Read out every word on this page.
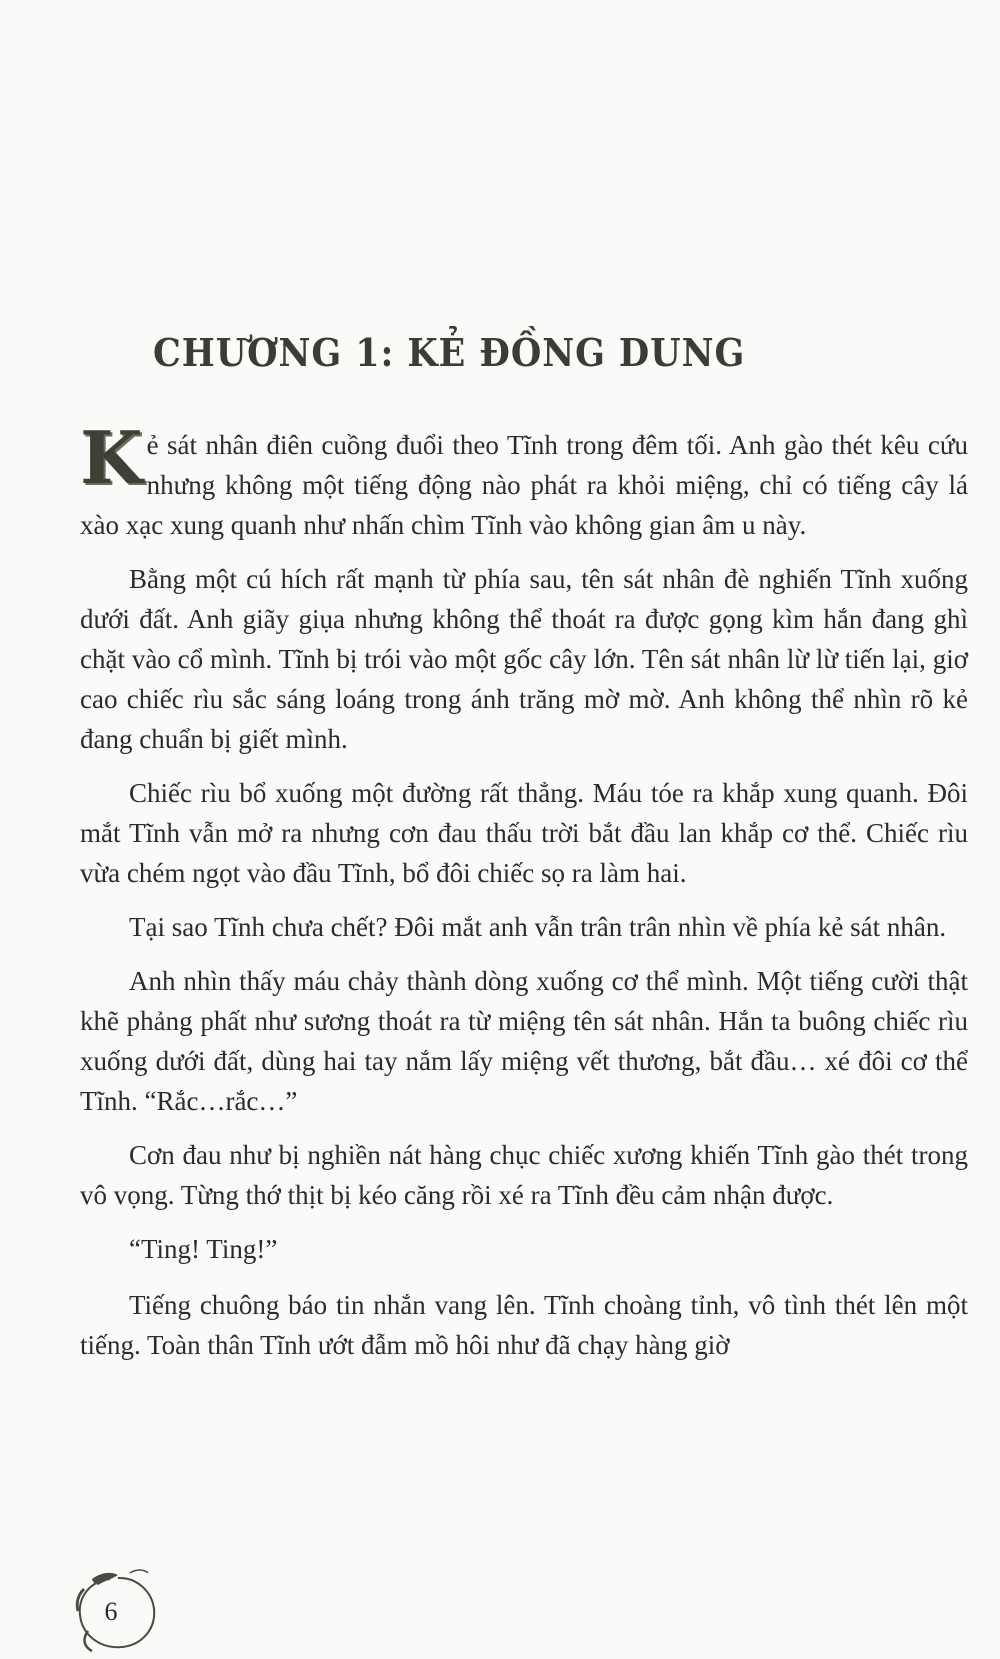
CHƯƠNG 1: KẺ ĐỒNG DUNG

Kẻ sát nhân điên cuồng đuổi theo Tĩnh trong đêm tối. Anh gào thét kêu cứu nhưng không một tiếng động nào phát ra khỏi miệng, chỉ có tiếng cây lá xào xạc xung quanh như nhấn chìm Tĩnh vào không gian âm u này.

Bằng một cú hích rất mạnh từ phía sau, tên sát nhân đè nghiến Tĩnh xuống dưới đất. Anh giãy giụa nhưng không thể thoát ra được gọng kìm hắn đang ghì chặt vào cổ mình. Tĩnh bị trói vào một gốc cây lớn. Tên sát nhân lừ lừ tiến lại, giơ cao chiếc rìu sắc sáng loáng trong ánh trăng mờ mờ. Anh không thể nhìn rõ kẻ đang chuẩn bị giết mình.

Chiếc rìu bổ xuống một đường rất thẳng. Máu tóe ra khắp xung quanh. Đôi mắt Tĩnh vẫn mở ra nhưng cơn đau thấu trời bắt đầu lan khắp cơ thể. Chiếc rìu vừa chém ngọt vào đầu Tĩnh, bổ đôi chiếc sọ ra làm hai.

Tại sao Tĩnh chưa chết? Đôi mắt anh vẫn trân trân nhìn về phía kẻ sát nhân.

Anh nhìn thấy máu chảy thành dòng xuống cơ thể mình. Một tiếng cười thật khẽ phảng phất như sương thoát ra từ miệng tên sát nhân. Hắn ta buông chiếc rìu xuống dưới đất, dùng hai tay nắm lấy miệng vết thương, bắt đầu… xé đôi cơ thể Tĩnh. “Rắc…rắc…”

Cơn đau như bị nghiền nát hàng chục chiếc xương khiến Tĩnh gào thét trong vô vọng. Từng thớ thịt bị kéo căng rồi xé ra Tĩnh đều cảm nhận được.

“Ting! Ting!”

Tiếng chuông báo tin nhắn vang lên. Tĩnh choàng tỉnh, vô tình thét lên một tiếng. Toàn thân Tĩnh ướt đẫm mồ hôi như đã chạy hàng giờ

6
